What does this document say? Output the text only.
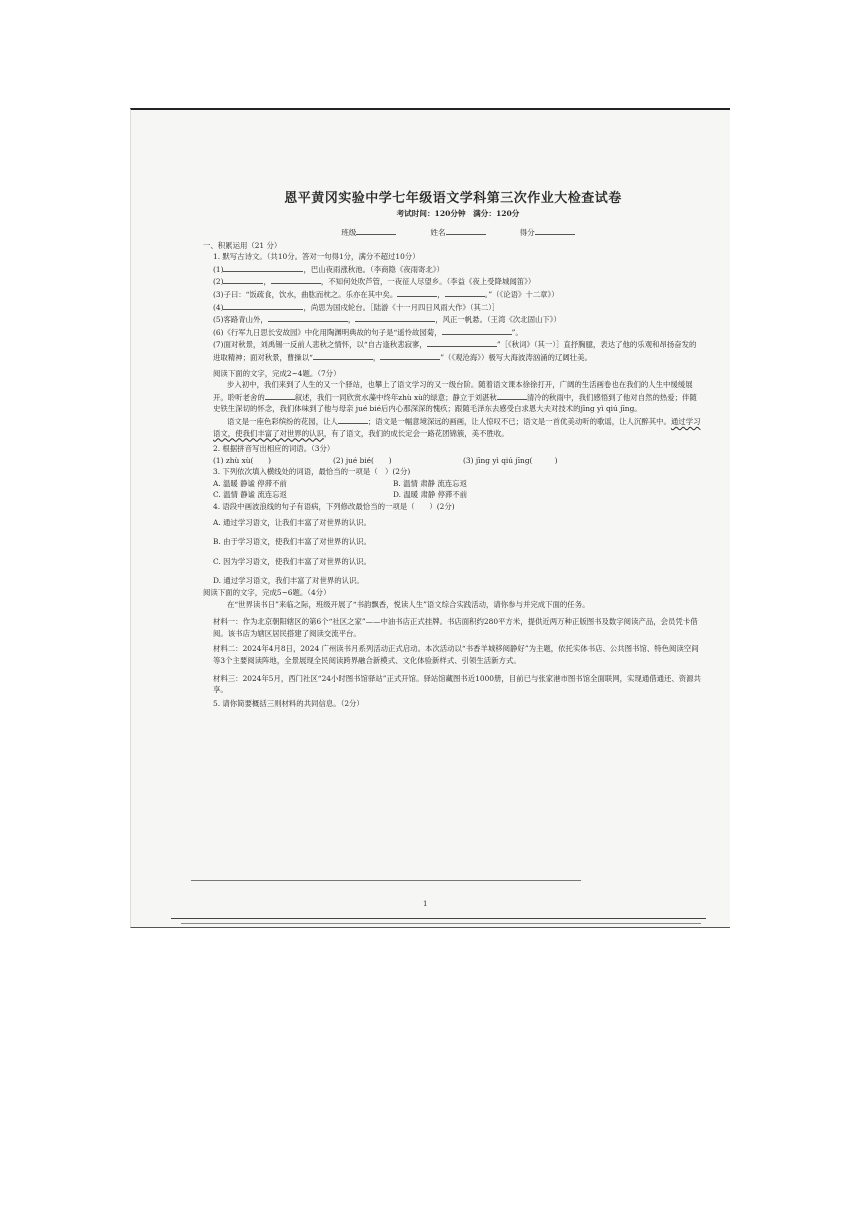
恩平黄冈实验中学七年级语文学科第三次作业大检查试卷
考试时间：120分钟　满分：120分
班级	姓名	得分
一、积累运用（21 分）
1. 默写古诗文。（共10分。答对一句得1分，满分不超过10分）
(1)	，巴山夜雨涨秋池。（李商隐《夜雨寄北》）
(2)	，	，不知何处吹芦管，一夜征人尽望乡。（李益《夜上受降城闻笛》）
(3)子曰：“饭疏食，饮水，曲肱而枕之。乐亦在其中矣。	，	。”（《论语》十二章》）
(4)	，尚思为国戍轮台。［陆游《十一月四日风雨大作》（其二）］
(5)客路青山外，	，	，风正一帆悬。（王湾《次北固山下》）
(6)《行军九日思长安故园》中化用陶渊明典故的句子是“遥怜故园菊，	”。
(7)面对秋景，刘禹锡一反前人悲秋之情怀，以“自古逢秋悲寂寥，	”［《秋词》（其一）］直抒胸臆，表达了他的乐观和昂扬奋发的进取精神；面对秋景，曹操以“	，	”（《观沧海》）极写大海波涛汹涌的辽阔壮美。
阅读下面的文字，完成2~4题。（7分）
步入初中，我们来到了人生的又一个驿站，也攀上了语文学习的又一级台阶。随着语文课本徐徐打开，广阔的生活画卷也在我们的人生中缓缓展开。聆听老舍的	叙述，我们一同欣赏水藻中终年zhù xù的绿意；静立于刘湛秋	清冷的秋雨中，我们感悟到了他对自然的热爱；伴随史铁生深切的怀念，我们体味到了他与母亲 jué bié后内心那深深的愧疚；跟随毛泽东去感受白求恩大夫对技术的jīng yì qiú jīng。
语文是一座色彩缤纷的花园，让人	；语文是一幅意境深远的画画，让人惊叹不已；语文是一首优美动听的歌谣，让人沉醉其中。通过学习语文，使我们丰富了对世界的认识，有了语文，我们的成长定会一路花团锦簇，美不胜收。
2. 根据拼音写出相应的词语。（3分）
(1) zhù xù(　　)	(2) jué bié(　　)	(3) jīng yì qiú jīng(　　　)
3. 下列依次填入横线处的词语，最恰当的一项是（　）(2分)
A. 温暖 静谧 停滞不前	B. 温情 肃静 流连忘返
C. 温情 静谧 流连忘返	D. 温暖 肃静 停滞不前
4. 语段中画波浪线的句子有语病，下列修改最恰当的一项是（　　）(2分)
A. 通过学习语文，让我们丰富了对世界的认识。
B. 由于学习语文，使我们丰富了对世界的认识。
C. 因为学习语文，使我们丰富了对世界的认识。
D. 通过学习语文，我们丰富了对世界的认识。
阅读下面的文字，完成5~6题。（4分）
在“世界读书日”来临之际，班级开展了“书韵飘香，悦读人生”语文综合实践活动，请你参与并完成下面的任务。
材料一：作为北京朝阳辖区的第6个“社区之家”——中油书店正式挂牌。书店面积约280平方米，提供近两万种正版图书及数字阅读产品，会员凭卡借阅。该书店为辖区居民搭建了阅读交流平台。
材料二：2024年4月8日，2024 广州读书月系列活动正式启动。本次活动以“书香羊城移阅静好”为主题，依托实体书店、公共图书馆、特色阅读空间等3个主要阅读阵地，全景展现全民阅读跨界融合新模式、文化体验新样式、引领生活新方式。
材料三：2024年5月，西门社区“24小时图书馆驿站”正式开馆。驿站馆藏图书近1000册，目前已与张家港市图书馆全面联网，实现通借通还、资源共享。
5. 请你简要概括三则材料的共同信息。（2分）
1
